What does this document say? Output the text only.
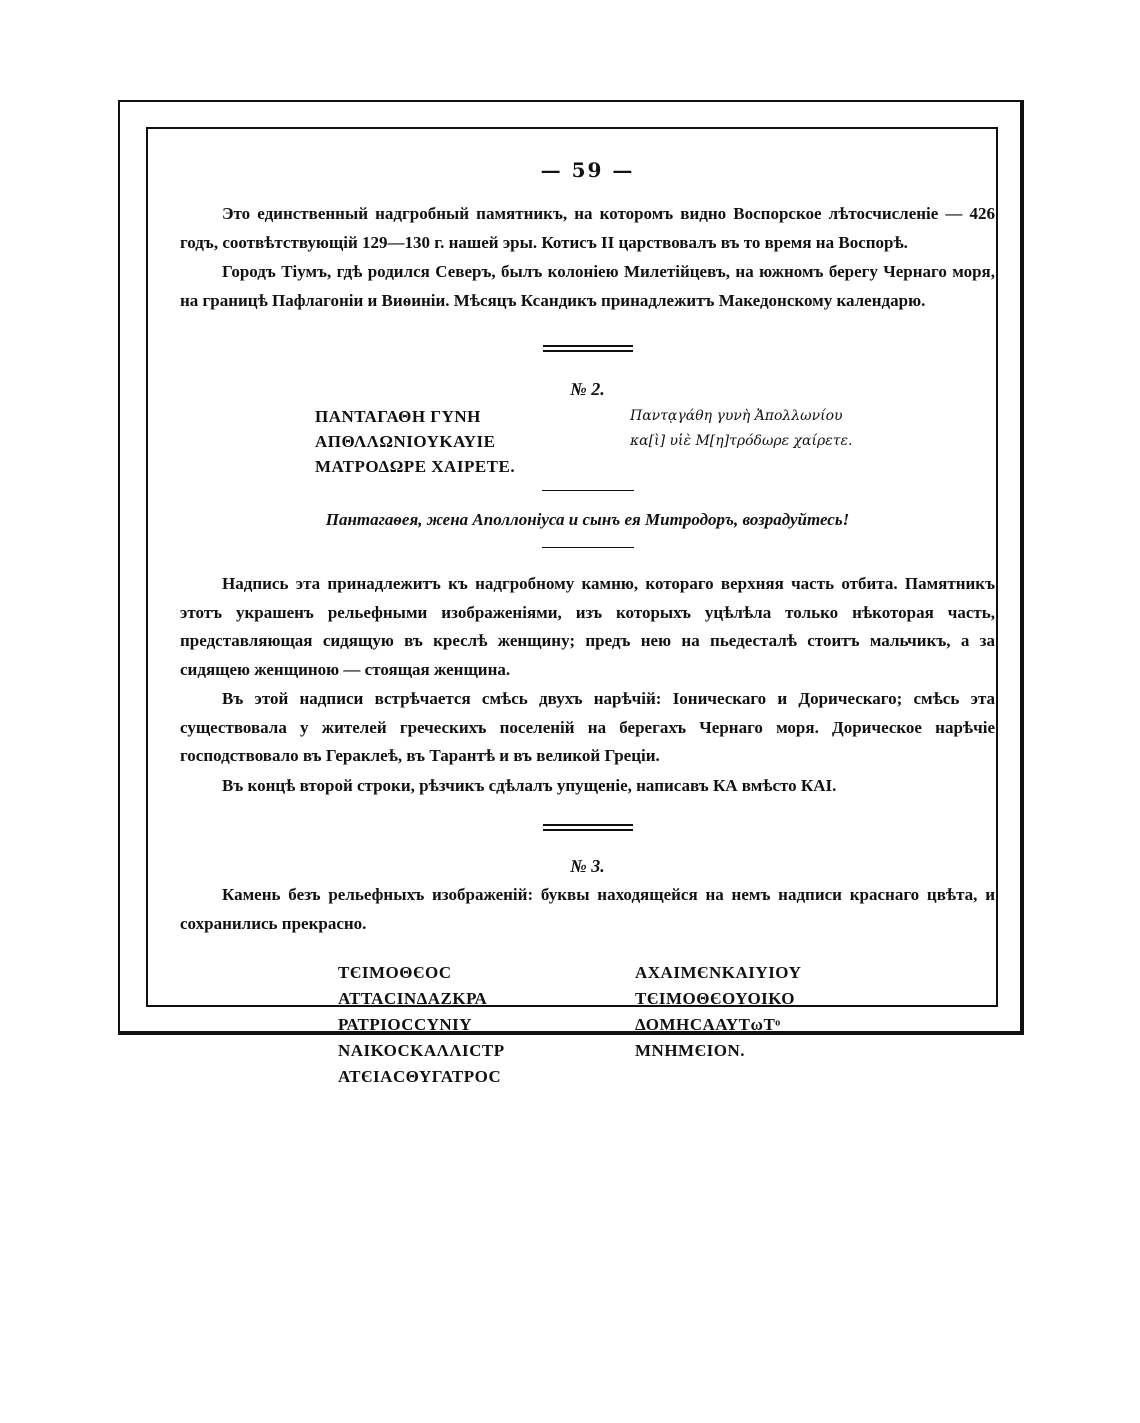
— 59 —

Это единственный надгробный памятникъ, на которомъ видно Воспорское лѣтосчисленіе — 426 годъ, соотвѣтствующій 129—130 г. нашей эры. Котисъ II царствовалъ въ то время на Воспорѣ.

Городъ Тіумъ, гдѣ родился Северъ, былъ колоніею Милетійцевъ, на южномъ берегу Чернаго моря, на границѣ Пафлагоніи и Виѳиніи. Мѣсяцъ Ксандикъ принадлежитъ Македонскому календарю.

№ 2.
ПΑΝΤΑΓΑΘΗ ΓΥΝΗ
ΑΠΘΛΛΩΝΙΟΥΚΑΥΙΕ
ΜΑΤΡΟΔΩΡΕ ΧΑΙΡΕΤΕ.
Παντᾳγάθη γυνὴ Ἀπολλωνίου
κα[ὶ] υἱὲ Μ[η]τρόδωρε χαίρετε.
Пантагаѳея, жена Аполлоніуса и сынъ ея Митродоръ, возрадуйтесь!

Надпись эта принадлежитъ къ надгробному камню, котораго верхняя часть отбита. Памятникъ этотъ украшенъ рельефными изображеніями, изъ которыхъ уцѣлѣла только нѣкоторая часть, представляющая сидящую въ креслѣ женщину; предъ нею на пьедесталѣ стоитъ мальчикъ, а за сидящею женщиною — стоящая женщина.

Въ этой надписи встрѣчается смѣсь двухъ нарѣчій: Іоническаго и Дорическаго; смѣсь эта существовала у жителей греческихъ поселеній на берегахъ Чернаго моря. Дорическое нарѣчіе господствовало въ Гераклеѣ, въ Тарантѣ и въ великой Греціи.

Въ концѣ второй строки, рѣзчикъ сдѣлалъ упущеніе, написавъ КА вмѣсто КАІ.

№ 3.

Камень безъ рельефныхъ изображеній: буквы находящейся на немъ надписи краснаго цвѣта, и сохранились прекрасно.

ΤЄΙΜΟΘЄΟϹ
ΑΤΤΑϹΙΝΔΑΖΚΡΑ
ΡΑΤΡΙΟϹϹΥΝΙΥ
ΝΑΙΚΟϹΚΑΛΛΙϹΤΡ
ΑΤЄΙΑϹΘΥΓΑΤΡΟϹ
ΑΧΑΙΜЄΝΚΑΙΥΙΟΥ
ΤЄΙΜΟΘЄΟΥΟΙΚΟ
ΔΟΜΗϹΑΑΥΤωΤᵒ
ΜΝΗΜЄΙΟΝ.
